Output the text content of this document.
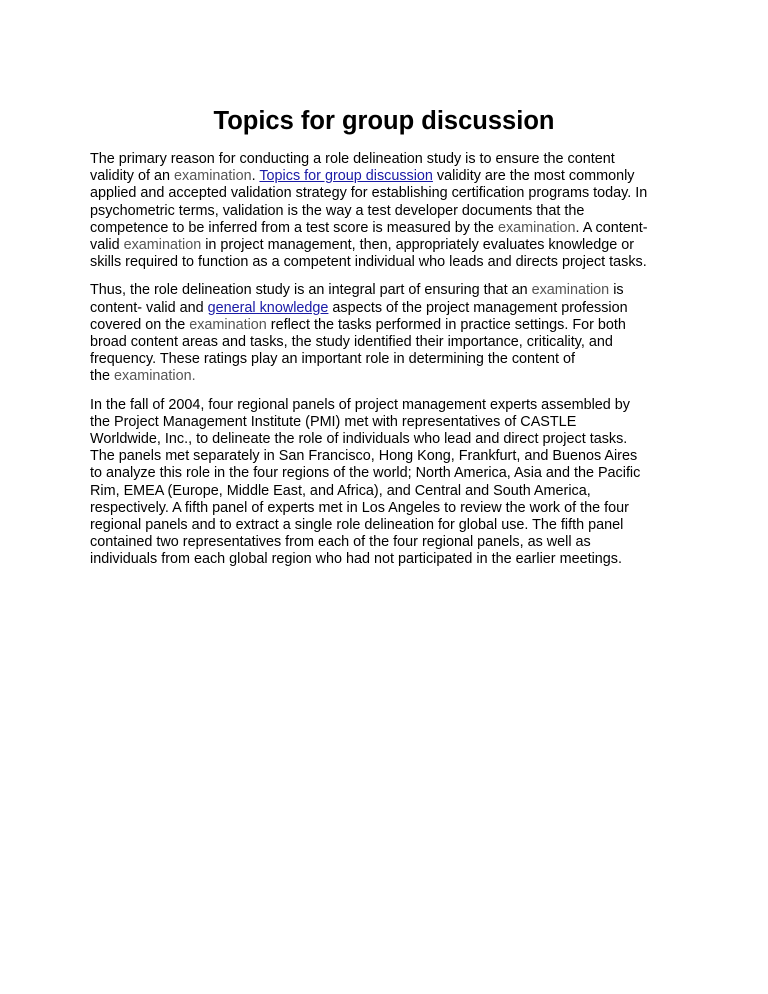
Topics for group discussion

The primary reason for conducting a role delineation study is to ensure the content
validity of an examination. Topics for group discussion validity are the most commonly
applied and accepted validation strategy for establishing certification programs today. In
psychometric terms, validation is the way a test developer documents that the
competence to be inferred from a test score is measured by the examination. A content-
valid examination in project management, then, appropriately evaluates knowledge or
skills required to function as a competent individual who leads and directs project tasks.

Thus, the role delineation study is an integral part of ensuring that an examination is
content- valid and general knowledge aspects of the project management profession
covered on the examination reflect the tasks performed in practice settings. For both
broad content areas and tasks, the study identified their importance, criticality, and
frequency. These ratings play an important role in determining the content of
the examination.

In the fall of 2004, four regional panels of project management experts assembled by
the Project Management Institute (PMI) met with representatives of CASTLE
Worldwide, Inc., to delineate the role of individuals who lead and direct project tasks.
The panels met separately in San Francisco, Hong Kong, Frankfurt, and Buenos Aires
to analyze this role in the four regions of the world; North America, Asia and the Pacific
Rim, EMEA (Europe, Middle East, and Africa), and Central and South America,
respectively. A fifth panel of experts met in Los Angeles to review the work of the four
regional panels and to extract a single role delineation for global use. The fifth panel
contained two representatives from each of the four regional panels, as well as
individuals from each global region who had not participated in the earlier meetings.
